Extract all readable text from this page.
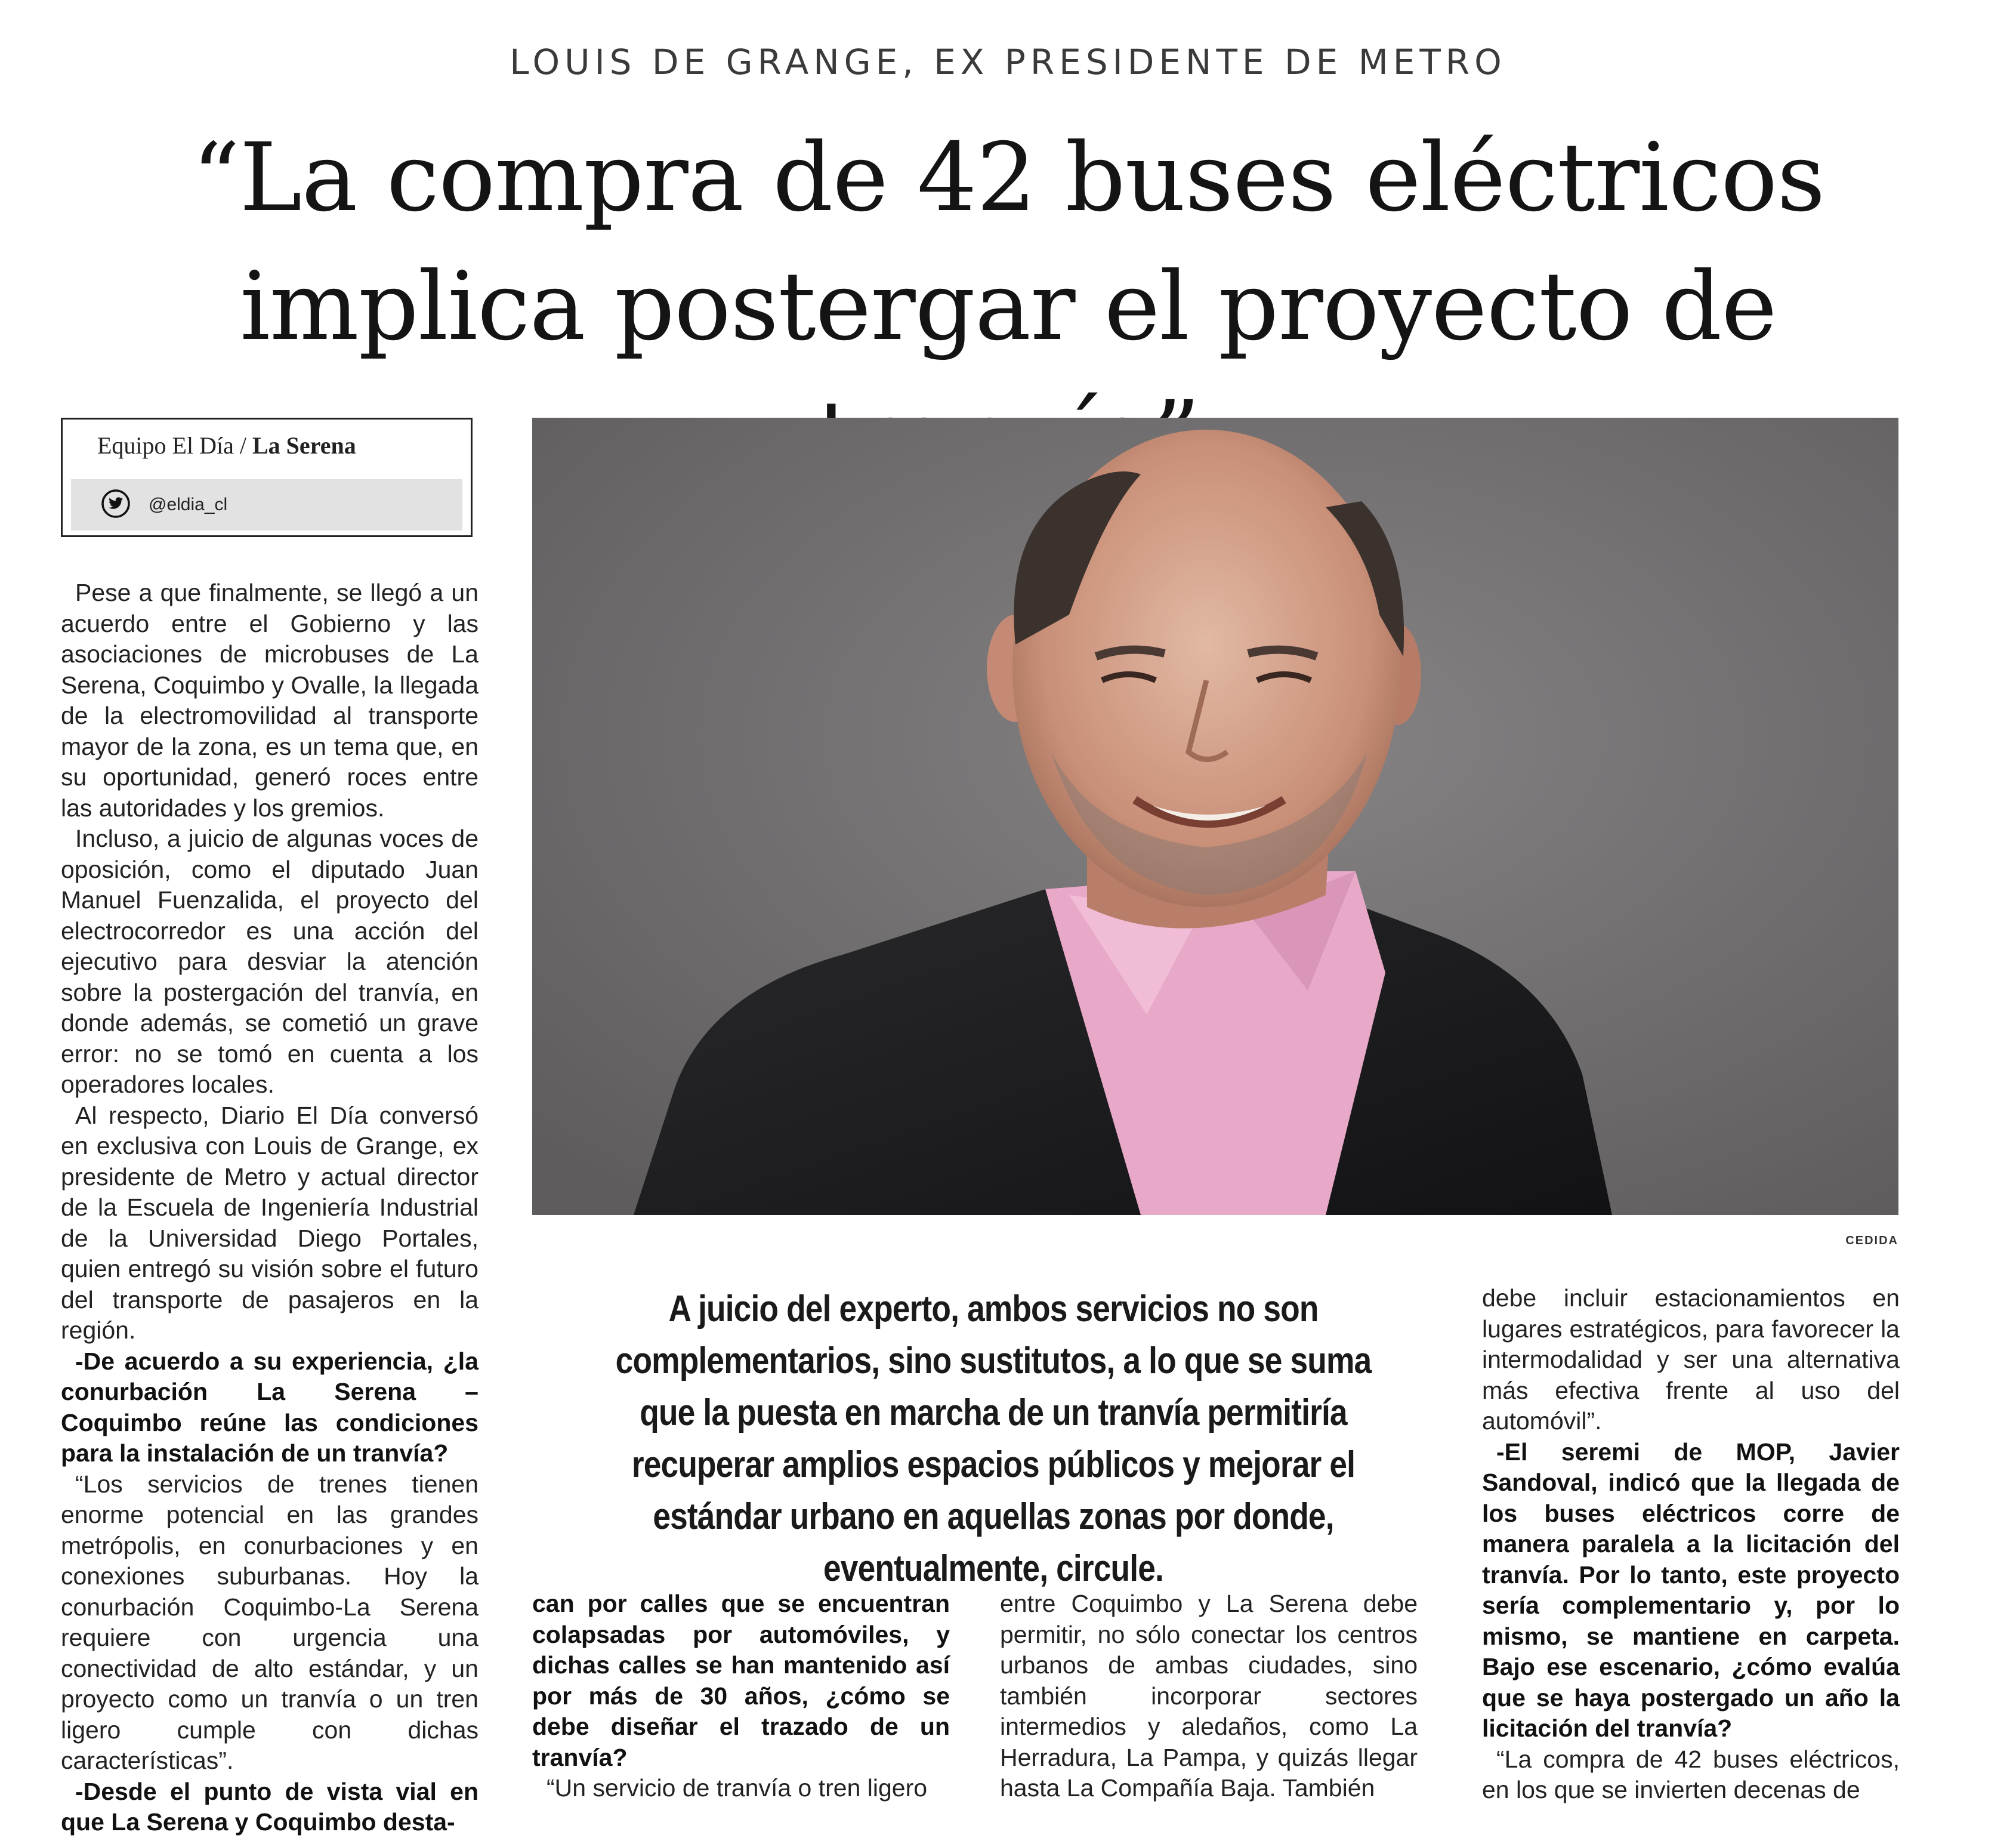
LOUIS DE GRANGE, EX PRESIDENTE DE METRO
“La compra de 42 buses eléctricos
implica postergar el proyecto de
Equipo El Día / La Serena
@eldia_cl

Pese a que finalmente, se llegó a un acuerdo entre el Gobierno y las asociaciones de microbuses de La Serena, Coquimbo y Ovalle, la llegada de la electromovilidad al transporte mayor de la zona, es un tema que, en su oportunidad, generó roces entre las autoridades y los gremios.

Incluso, a juicio de algunas voces de oposición, como el diputado Juan Manuel Fuenzalida, el proyecto del electrocorredor es una acción del ejecutivo para desviar la atención sobre la postergación del tranvía, en donde además, se cometió un grave error: no se tomó en cuenta a los operadores locales.

Al respecto, Diario El Día conversó en exclusiva con Louis de Grange, ex presidente de Metro y actual director de la Escuela de Ingeniería Industrial de la Universidad Diego Portales, quien entregó su visión sobre el futuro del transporte de pasajeros en la región.

-De acuerdo a su experiencia, ¿la conurbación La Serena – Coquimbo reúne las condiciones para la instalación de un tranvía?

“Los servicios de trenes tienen enorme potencial en las grandes metrópolis, en conurbaciones y en conexiones suburbanas. Hoy la conurbación Coquimbo-La Serena requiere con urgencia una conectividad de alto estándar, y un proyecto como un tranvía o un tren ligero cumple con dichas características”.

-Desde el punto de vista vial en que La Serena y Coquimbo desta-

CEDIDA
A juicio del experto, ambos servicios no son complementarios, sino sustitutos, a lo que se suma que la puesta en marcha de un tranvía permitiría recuperar amplios espacios públicos y mejorar el estándar urbano en aquellas zonas por donde, eventualmente, circule.

can por calles que se encuentran colapsadas por automóviles, y dichas calles se han mantenido así por más de 30 años, ¿cómo se debe diseñar el trazado de un tranvía?

“Un servicio de tranvía o tren ligero

entre Coquimbo y La Serena debe permitir, no sólo conectar los centros urbanos de ambas ciudades, sino también incorporar sectores intermedios y aledaños, como La Herradura, La Pampa, y quizás llegar hasta La Compañía Baja. También

debe incluir estacionamientos en lugares estratégicos, para favorecer la intermodalidad y ser una alternativa más efectiva frente al uso del automóvil”.

-El seremi de MOP, Javier Sandoval, indicó que la llegada de los buses eléctricos corre de manera paralela a la licitación del tranvía. Por lo tanto, este proyecto sería complementario y, por lo mismo, se mantiene en carpeta. Bajo ese escenario, ¿cómo evalúa que se haya postergado un año la licitación del tranvía?

“La compra de 42 buses eléctricos, en los que se invierten decenas de
